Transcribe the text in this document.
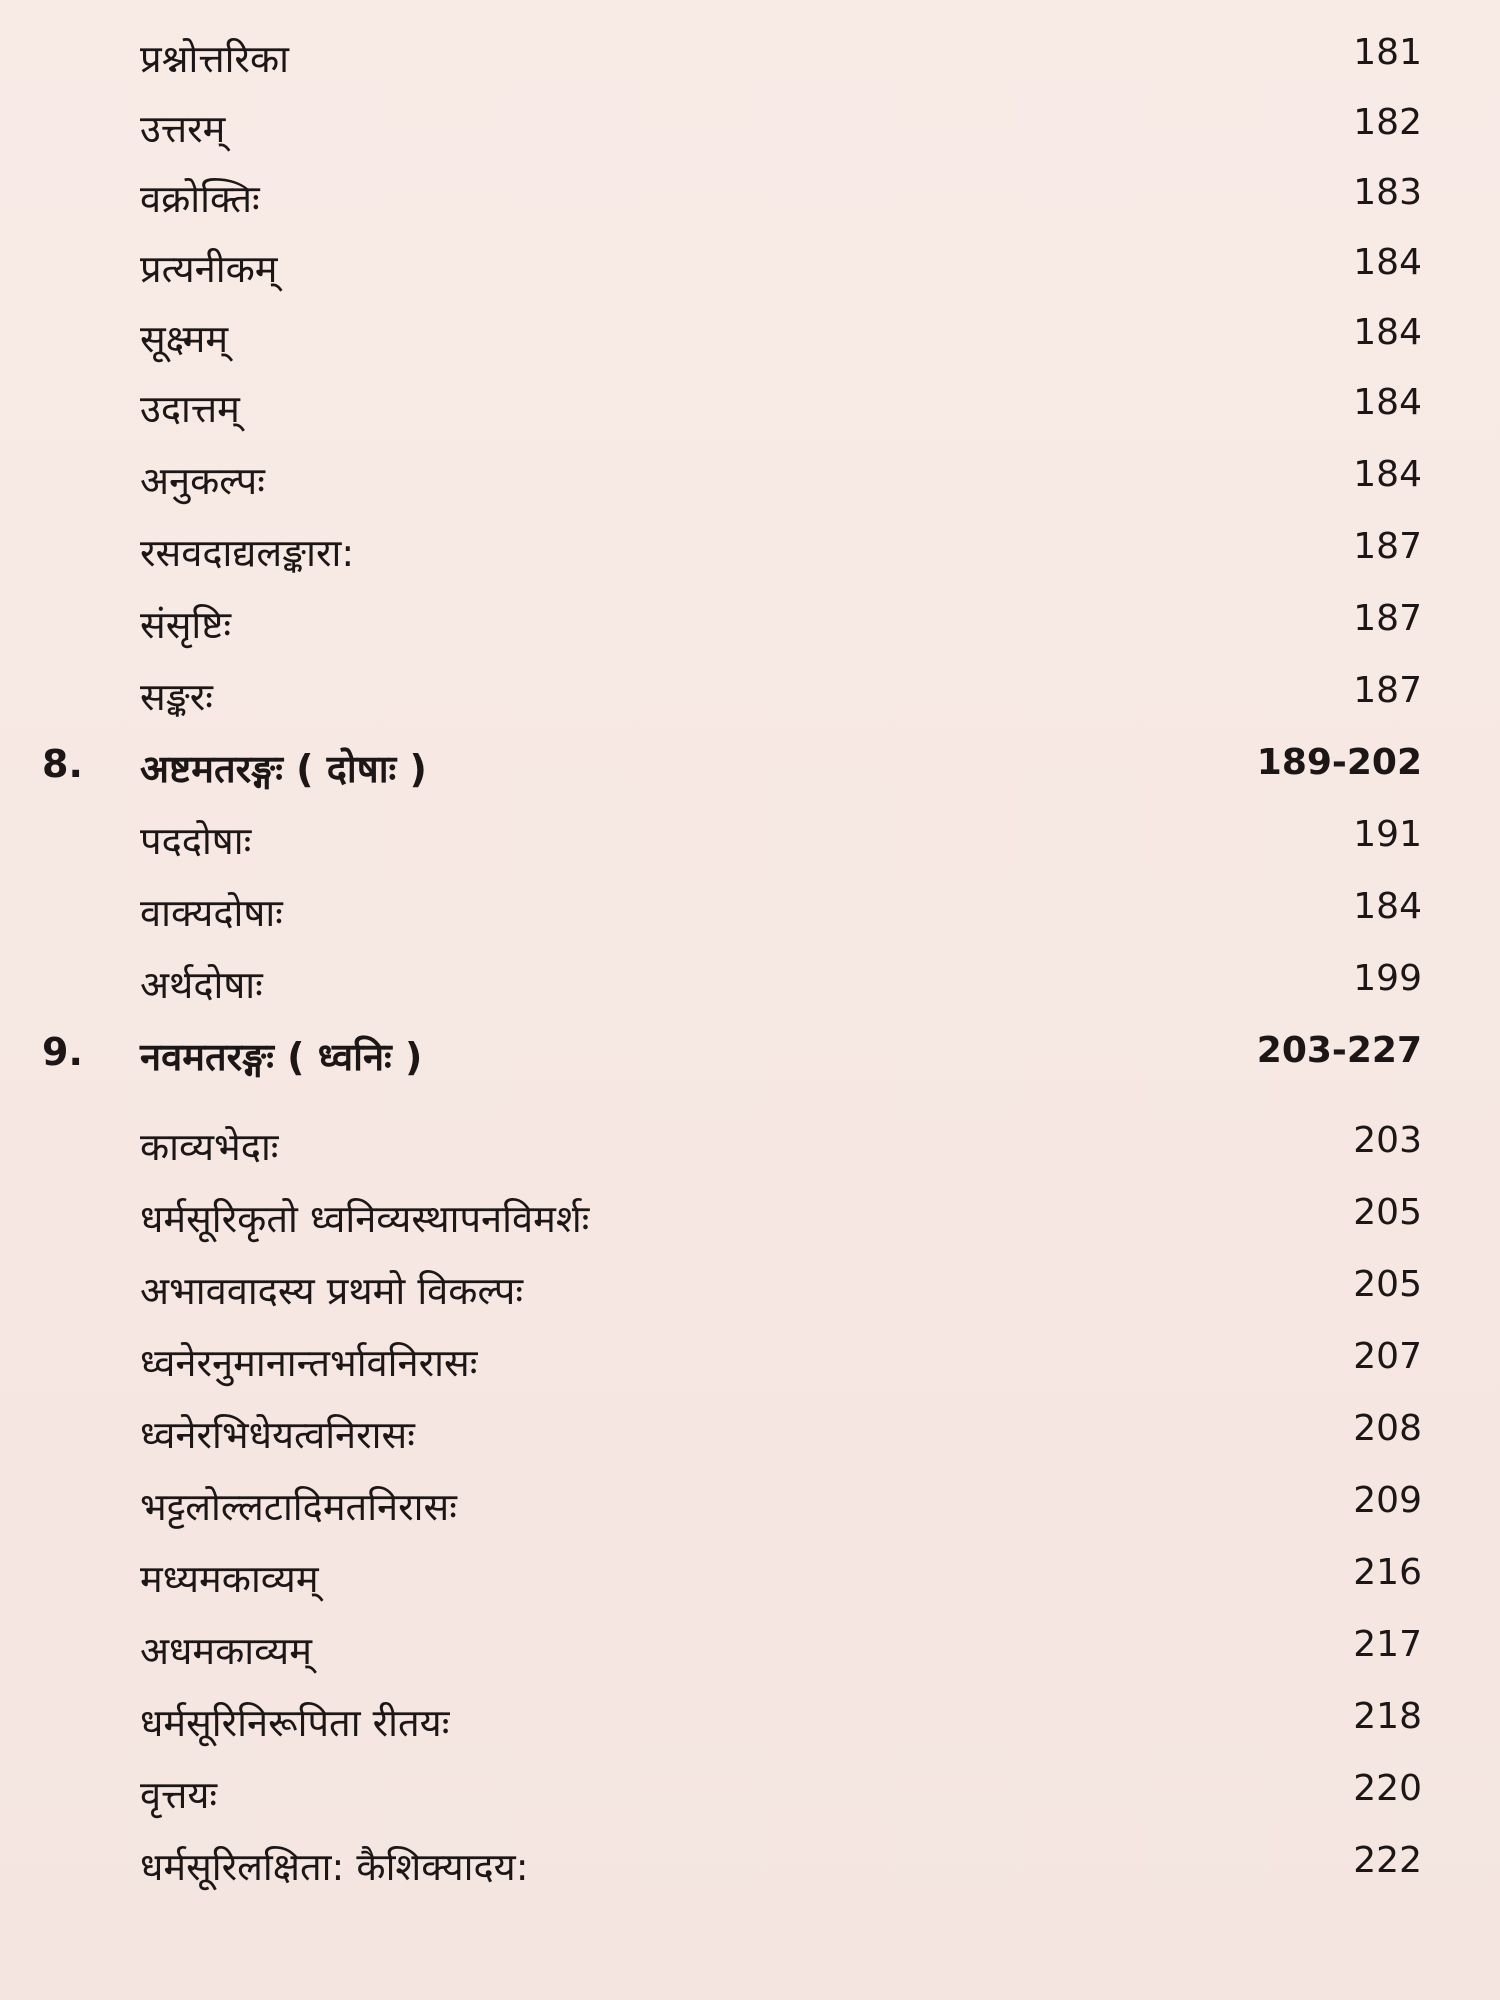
प्रश्नोत्तरिका	181
उत्तरम्	182
वक्रोक्तिः	183
प्रत्यनीकम्	184
सूक्ष्मम्	184
उदात्तम्	184
अनुकल्पः	184
रसवदाद्यलङ्कारा:	187
संसृष्टिः	187
सङ्करः	187
8. अष्टमतरङ्गः ( दोषाः )	189-202
पददोषाः	191
वाक्यदोषाः	184
अर्थदोषाः	199
9. नवमतरङ्गः ( ध्वनिः )	203-227
काव्यभेदाः	203
धर्मसूरिकृतो ध्वनिव्यस्थापनविमर्शः	205
अभाववादस्य प्रथमो विकल्पः	205
ध्वनेरनुमानान्तर्भावनिरासः	207
ध्वनेरभिधेयत्वनिरासः	208
भट्टलोल्लटादिमतनिरासः	209
मध्यमकाव्यम्	216
अधमकाव्यम्	217
धर्मसूरिनिरूपिता रीतयः	218
वृत्तयः	220
धर्मसूरिलक्षिता: कैशिक्यादय:	222
